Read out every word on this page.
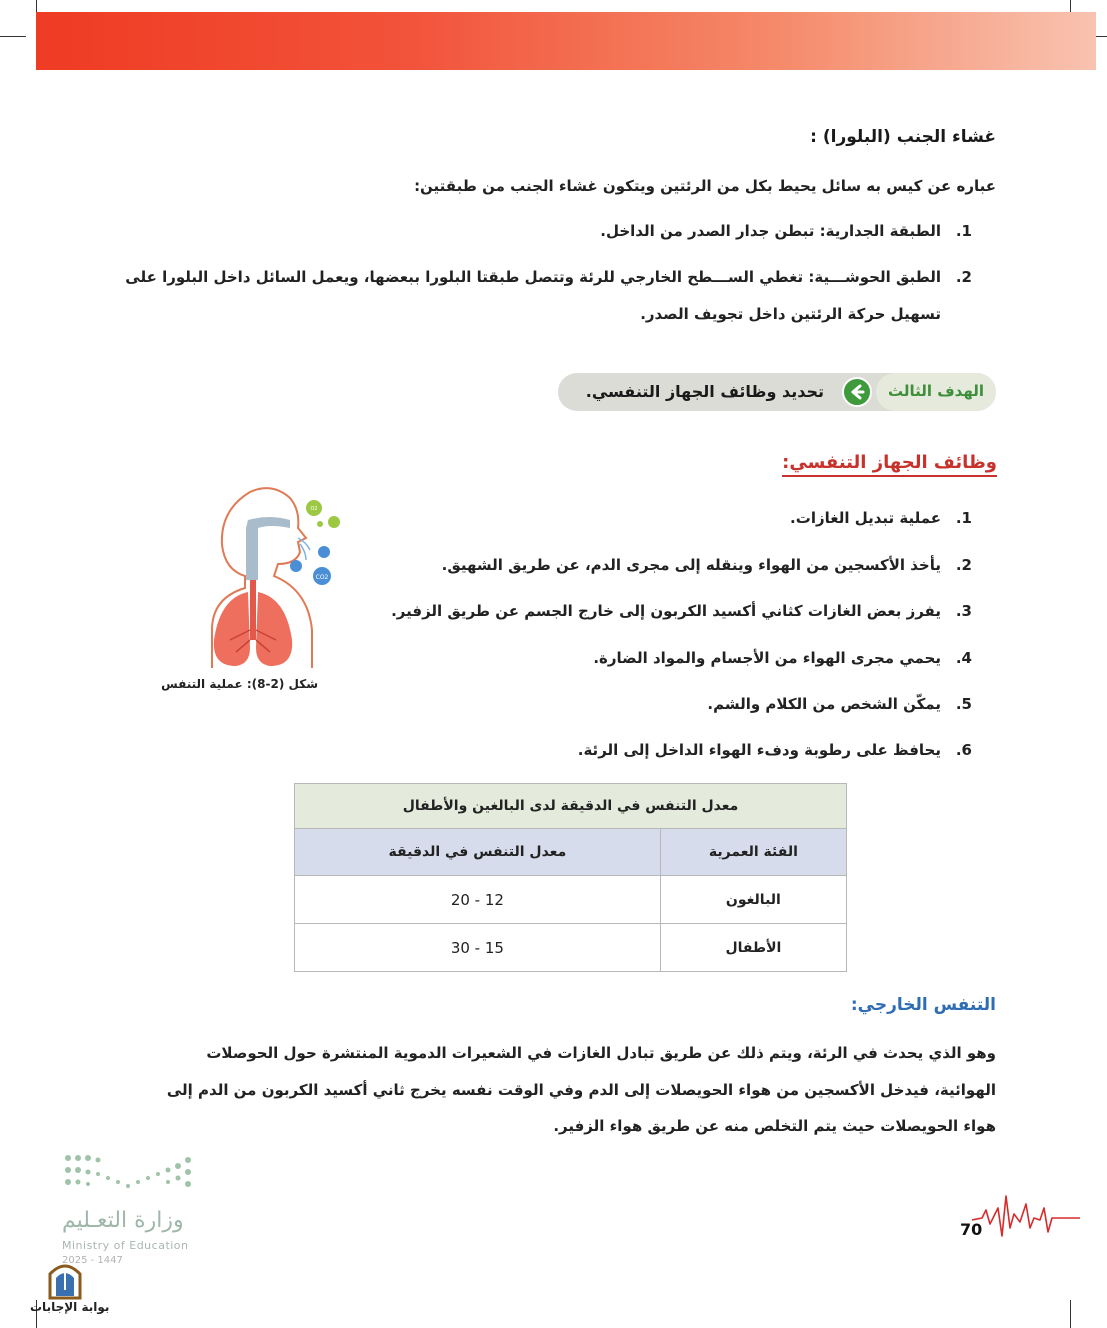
غشاء الجنب (البلورا) :
عباره عن كيس به سائل يحيط بكل من الرئتين ويتكون غشاء الجنب من طبقتين:
.1
الطبقة الجدارية: تبطن جدار الصدر من الداخل.
.2
الطبق الحوشـــية: تغطي الســـطح الخارجي للرئة وتتصل طبقتا البلورا ببعضها، ويعمل السائل داخل البلورا على
تسهيل حركة الرئتين داخل تجويف الصدر.
الهدف الثالث
تحديد وظائف الجهاز التنفسي.
وظائف الجهاز التنفسي:
.1
عملية تبديل الغازات.
.2
يأخذ الأكسجين من الهواء وينقله إلى مجرى الدم، عن طريق الشهيق.
.3
يفرز بعض الغازات كثاني أكسيد الكربون إلى خارج الجسم عن طريق الزفير.
.4
يحمي مجرى الهواء من الأجسام والمواد الضارة.
.5
يمكّن الشخص من الكلام والشم.
.6
يحافظ على رطوبة ودفء الهواء الداخل إلى الرئة.
CO2
O2
شكل (2-8): عملية التنفس
معدل التنفس في الدقيقة لدى البالغين والأطفال	
الفئة العمرية	معدل التنفس في الدقيقة
البالغون	20 - 12
الأطفال	30 - 15
التنفس الخارجي:
وهو الذي يحدث في الرئة، ويتم ذلك عن طريق تبادل الغازات في الشعيرات الدموية المنتشرة حول الحوصلات
الهوائية، فيدخل الأكسجين من هواء الحويصلات إلى الدم وفي الوقت نفسه يخرج ثاني أكسيد الكربون من الدم إلى
هواء الحويصلات حيث يتم التخلص منه عن طريق هواء الزفير.
وزارة التعـليم
Ministry of Education
2025 - 1447
بوابة الإجابات
70
